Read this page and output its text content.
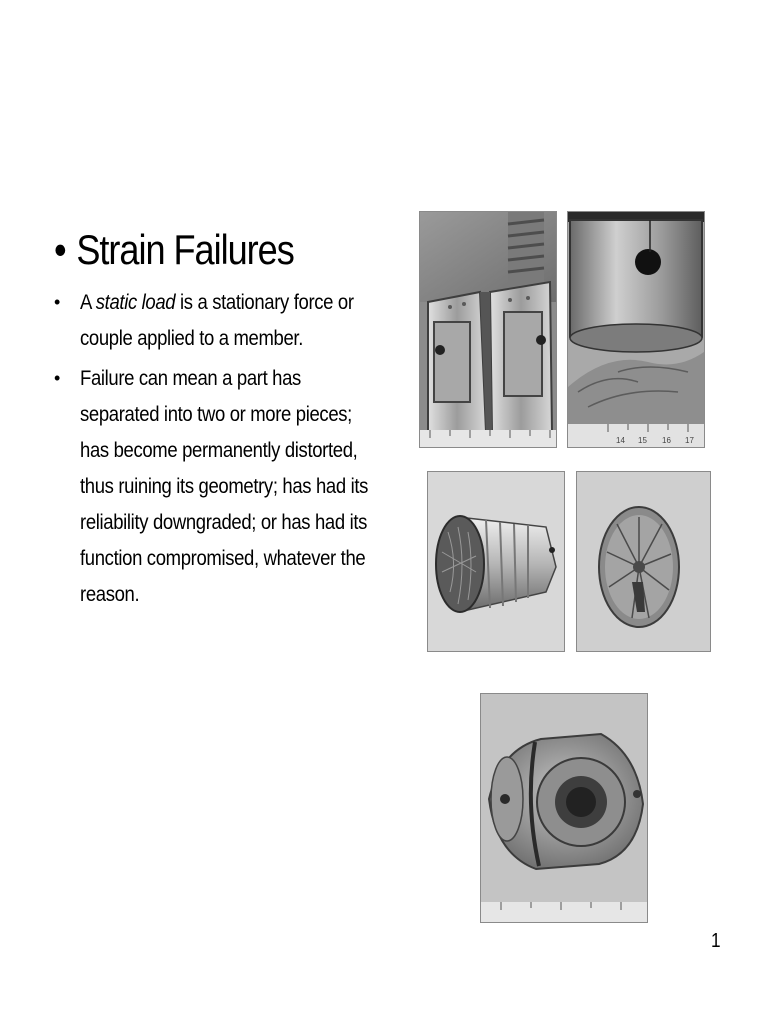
• Strain Failures
• A static load is a stationary force or
couple applied to a member.
• Failure can mean a part has
separated into two or more pieces;
has become permanently distorted,
thus ruining its geometry; has had its
reliability downgraded; or has had its
function compromised, whatever the
reason.
14 15 16 17
1
